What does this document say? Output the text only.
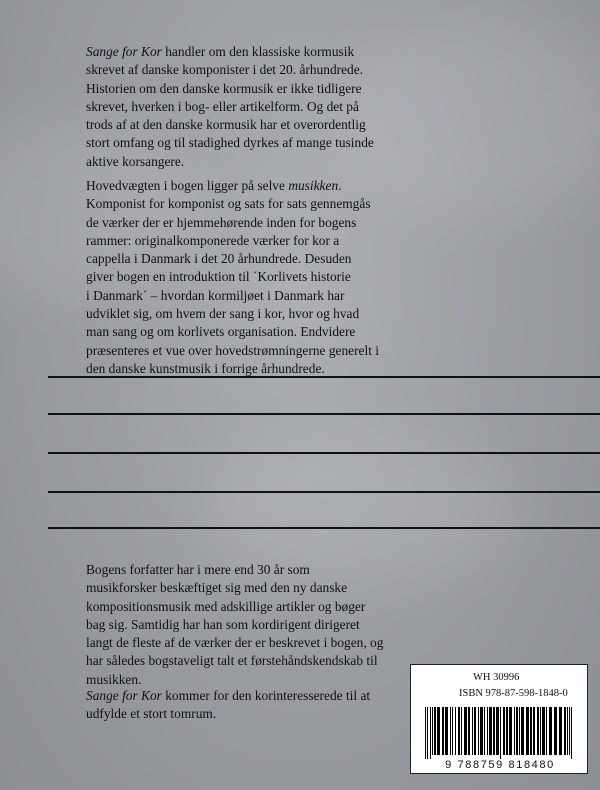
Sange for Kor handler om den klassiske kormusik
skrevet af danske komponister i det 20. århundrede.
Historien om den danske kormusik er ikke tidligere
skrevet, hverken i bog- eller artikelform. Og det på
trods af at den danske kormusik har et overordentlig
stort omfang og til stadighed dyrkes af mange tusinde
aktive korsangere.
Hovedvægten i bogen ligger på selve musikken.
Komponist for komponist og sats for sats gennemgås
de værker der er hjemmehørende inden for bogens
rammer: originalkomponerede værker for kor a
cappella i Danmark i det 20 århundrede. Desuden
giver bogen en introduktion til ´Korlivets historie
i Danmark´ – hvordan kormiljøet i Danmark har
udviklet sig, om hvem der sang i kor, hvor og hvad
man sang og om korlivets organisation. Endvidere
præsenteres et vue over hovedstrømningerne generelt i
den danske kunstmusik i forrige århundrede.
Bogens forfatter har i mere end 30 år som
musikforsker beskæftiget sig med den ny danske
kompositionsmusik med adskillige artikler og bøger
bag sig. Samtidig har han som kordirigent dirigeret
langt de fleste af de værker der er beskrevet i bogen, og
har således bogstaveligt talt et førstehåndskendskab til
musikken.
Sange for Kor kommer for den korinteresserede til at
udfylde et stort tomrum.
WH 30996
ISBN 978-87-598-1848-0
9 788759 818480
